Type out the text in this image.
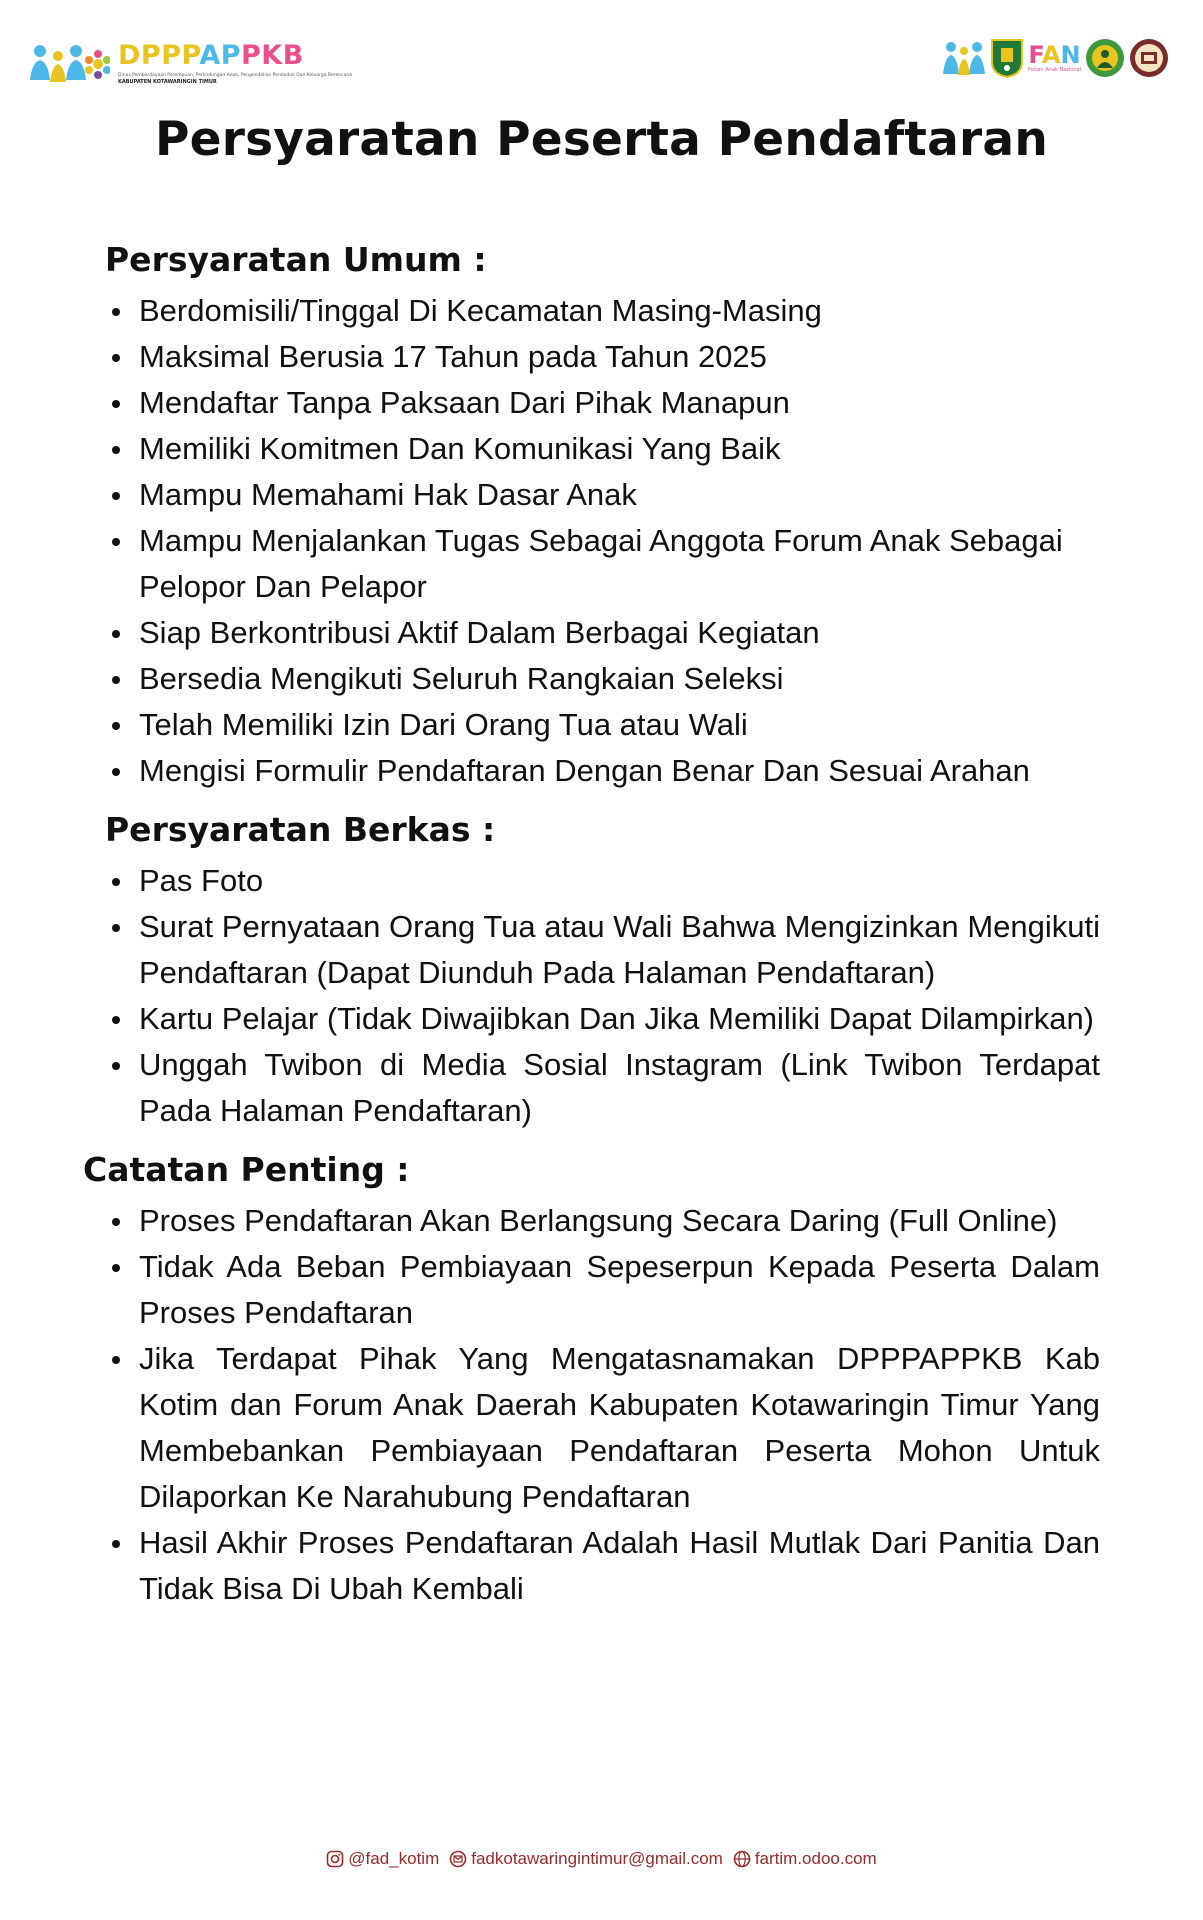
DPPPAPPKB
Dinas Pemberdayaan Perempuan, Perlindungan Anak, Pengendalian Penduduk Dan Keluarga Berencana
KABUPATEN KOTAWARINGIN TIMUR
FAN
Forum Anak Nasional
Persyaratan Peserta Pendaftaran
Persyaratan Umum :
Berdomisili/Tinggal Di Kecamatan Masing-Masing
Maksimal Berusia 17 Tahun pada Tahun 2025
Mendaftar Tanpa Paksaan Dari Pihak Manapun
Memiliki Komitmen Dan Komunikasi Yang Baik
Mampu Memahami Hak Dasar Anak
Mampu Menjalankan Tugas Sebagai Anggota Forum Anak Sebagai Pelopor Dan Pelapor
Siap Berkontribusi Aktif Dalam Berbagai Kegiatan
Bersedia Mengikuti Seluruh Rangkaian Seleksi
Telah Memiliki Izin Dari Orang Tua atau Wali
Mengisi Formulir Pendaftaran Dengan Benar Dan Sesuai Arahan
Persyaratan Berkas :
Pas Foto
Surat Pernyataan Orang Tua atau Wali Bahwa Mengizinkan Mengikuti Pendaftaran (Dapat Diunduh Pada Halaman Pendaftaran)
Kartu Pelajar (Tidak Diwajibkan Dan Jika Memiliki Dapat Dilampirkan)
Unggah Twibon di Media Sosial Instagram (Link Twibon Terdapat Pada Halaman Pendaftaran)
Catatan Penting :
Proses Pendaftaran Akan Berlangsung Secara Daring (Full Online)
Tidak Ada Beban Pembiayaan Sepeserpun Kepada Peserta Dalam Proses Pendaftaran
Jika Terdapat Pihak Yang Mengatasnamakan DPPPAPPKB Kab Kotim dan Forum Anak Daerah Kabupaten Kotawaringin Timur Yang Membebankan Pembiayaan Pendaftaran Peserta Mohon Untuk Dilaporkan Ke Narahubung Pendaftaran
Hasil Akhir Proses Pendaftaran Adalah Hasil Mutlak Dari Panitia Dan Tidak Bisa Di Ubah Kembali
@fad_kotim fadkotawaringintimur@gmail.com fartim.odoo.com
